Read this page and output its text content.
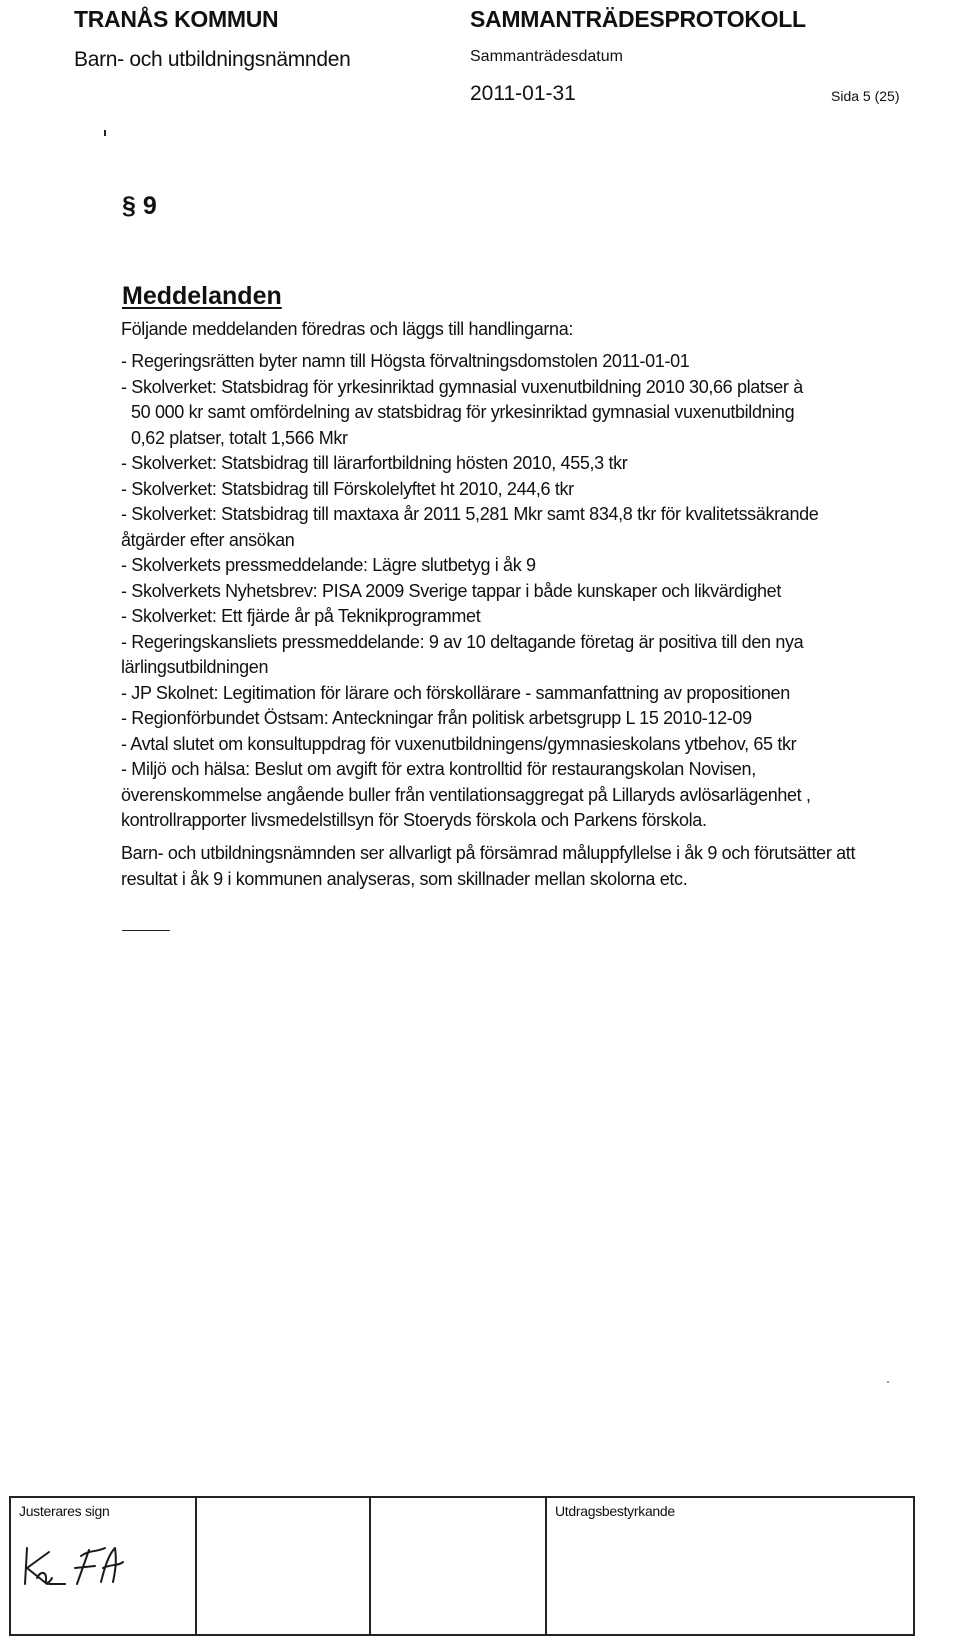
TRANÅS KOMMUN	SAMMANTRÄDESPROTOKOLL
Barn- och utbildningsnämnden	Sammanträdesdatum
2011-01-31	Sida 5 (25)
§ 9
Meddelanden
Följande meddelanden föredras och läggs till handlingarna:
- Regeringsrätten byter namn till Högsta förvaltningsdomstolen 2011-01-01
- Skolverket: Statsbidrag för yrkesinriktad gymnasial vuxenutbildning 2010 30,66 platser à
50 000 kr samt omfördelning av statsbidrag för yrkesinriktad gymnasial vuxenutbildning
0,62 platser, totalt 1,566 Mkr
- Skolverket: Statsbidrag till lärarfortbildning hösten 2010, 455,3 tkr
- Skolverket: Statsbidrag till Förskolelyftet ht 2010, 244,6 tkr
- Skolverket: Statsbidrag till maxtaxa år 2011 5,281 Mkr samt 834,8 tkr för kvalitetssäkrande
åtgärder efter ansökan
- Skolverkets pressmeddelande: Lägre slutbetyg i åk 9
- Skolverkets Nyhetsbrev: PISA 2009 Sverige tappar i både kunskaper och likvärdighet
- Skolverket: Ett fjärde år på Teknikprogrammet
- Regeringskansliets pressmeddelande: 9 av 10 deltagande företag är positiva till den nya
lärlingsutbildningen
- JP Skolnet: Legitimation för lärare och förskollärare - sammanfattning av propositionen
- Regionförbundet Östsam: Anteckningar från politisk arbetsgrupp L 15 2010-12-09
- Avtal slutet om konsultuppdrag för vuxenutbildningens/gymnasieskolans ytbehov, 65 tkr
- Miljö och hälsa: Beslut om avgift för extra kontrolltid för restaurangskolan Novisen,
överenskommelse angående buller från ventilationsaggregat på Lillaryds avlösarlägenhet ,
kontrollrapporter livsmedelstillsyn för Stoeryds förskola och Parkens förskola.
Barn- och utbildningsnämnden ser allvarligt på försämrad måluppfyllelse i åk 9 och förutsätter att
resultat i åk 9 i kommunen analyseras, som skillnader mellan skolorna etc.
Justerares sign	Utdragsbestyrkande
